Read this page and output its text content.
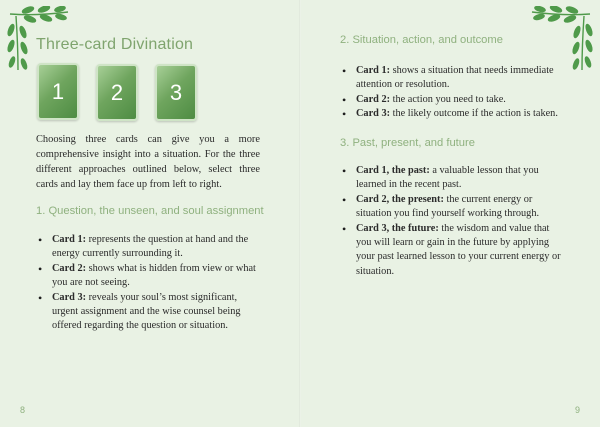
Three-card Divination
1	2	3

Choosing three cards can give you a more comprehensive insight into a situation. For the three different approaches outlined below, select three cards and lay them face up from left to right.

1. Question, the unseen, and soul assignment
• Card 1: represents the question at hand and the energy currently surrounding it.
• Card 2: shows what is hidden from view or what you are not seeing.
• Card 3: reveals your soul’s most significant, urgent assignment and the wise counsel being offered regarding the question or situation.
8
2. Situation, action, and outcome
• Card 1: shows a situation that needs immediate attention or resolution.
• Card 2: the action you need to take.
• Card 3: the likely outcome if the action is taken.
3. Past, present, and future
• Card 1, the past: a valuable lesson that you learned in the recent past.
• Card 2, the present: the current energy or situation you find yourself working through.
• Card 3, the future: the wisdom and value that you will learn or gain in the future by applying your past learned lesson to your current energy or situation.
9
